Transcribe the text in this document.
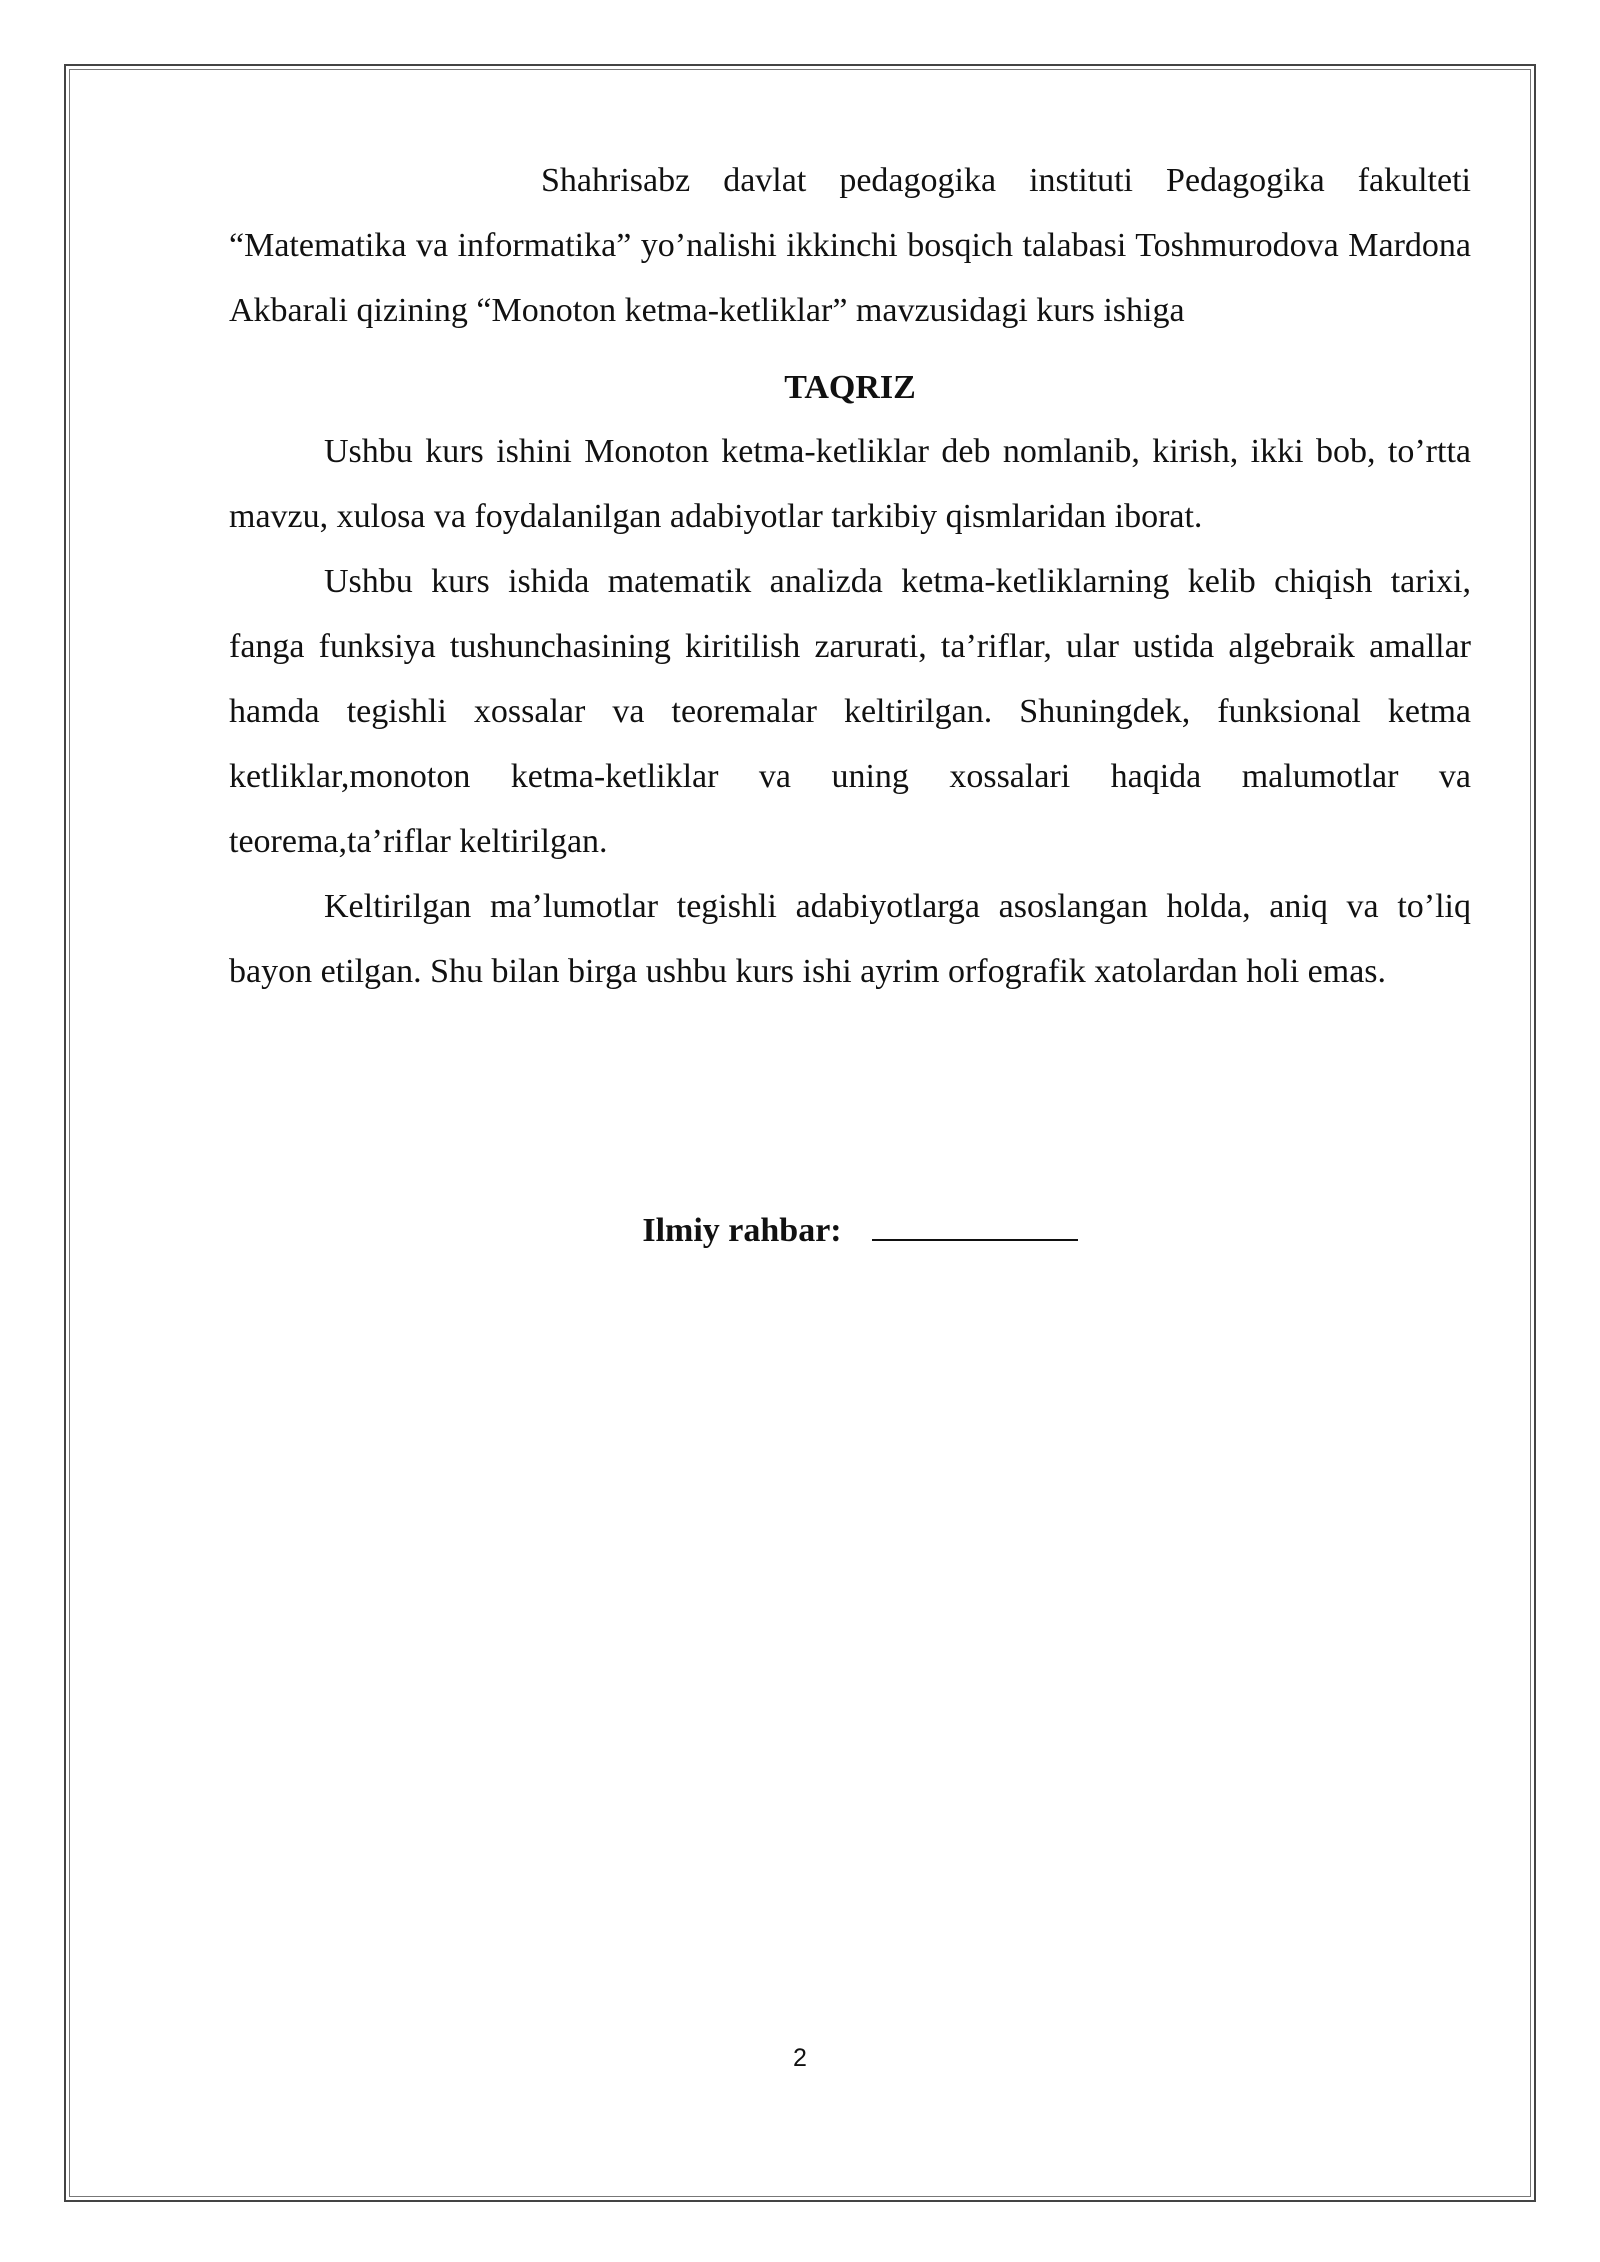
Shahrisabz davlat pedagogika instituti Pedagogika fakulteti “Matematika va informatika” yo’nalishi ikkinchi bosqich talabasi Toshmurodova Mardona Akbarali qizining “Monoton ketma-ketliklar” mavzusidagi kurs ishiga

TAQRIZ

Ushbu kurs ishini Monoton ketma-ketliklar deb nomlanib, kirish, ikki bob, to’rtta mavzu, xulosa va foydalanilgan adabiyotlar tarkibiy qismlaridan iborat.

Ushbu kurs ishida matematik analizda ketma-ketliklarning kelib chiqish tarixi, fanga funksiya tushunchasining kiritilish zarurati, ta’riflar, ular ustida algebraik amallar hamda tegishli xossalar va teoremalar keltirilgan. Shuningdek, funksional ketma ketliklar,monoton ketma-ketliklar va uning xossalari haqida malumotlar va teorema,ta’riflar keltirilgan.

Keltirilgan ma’lumotlar tegishli adabiyotlarga asoslangan holda, aniq va to’liq bayon etilgan. Shu bilan birga ushbu kurs ishi ayrim orfografik xatolardan holi emas.

Ilmiy rahbar:
2
